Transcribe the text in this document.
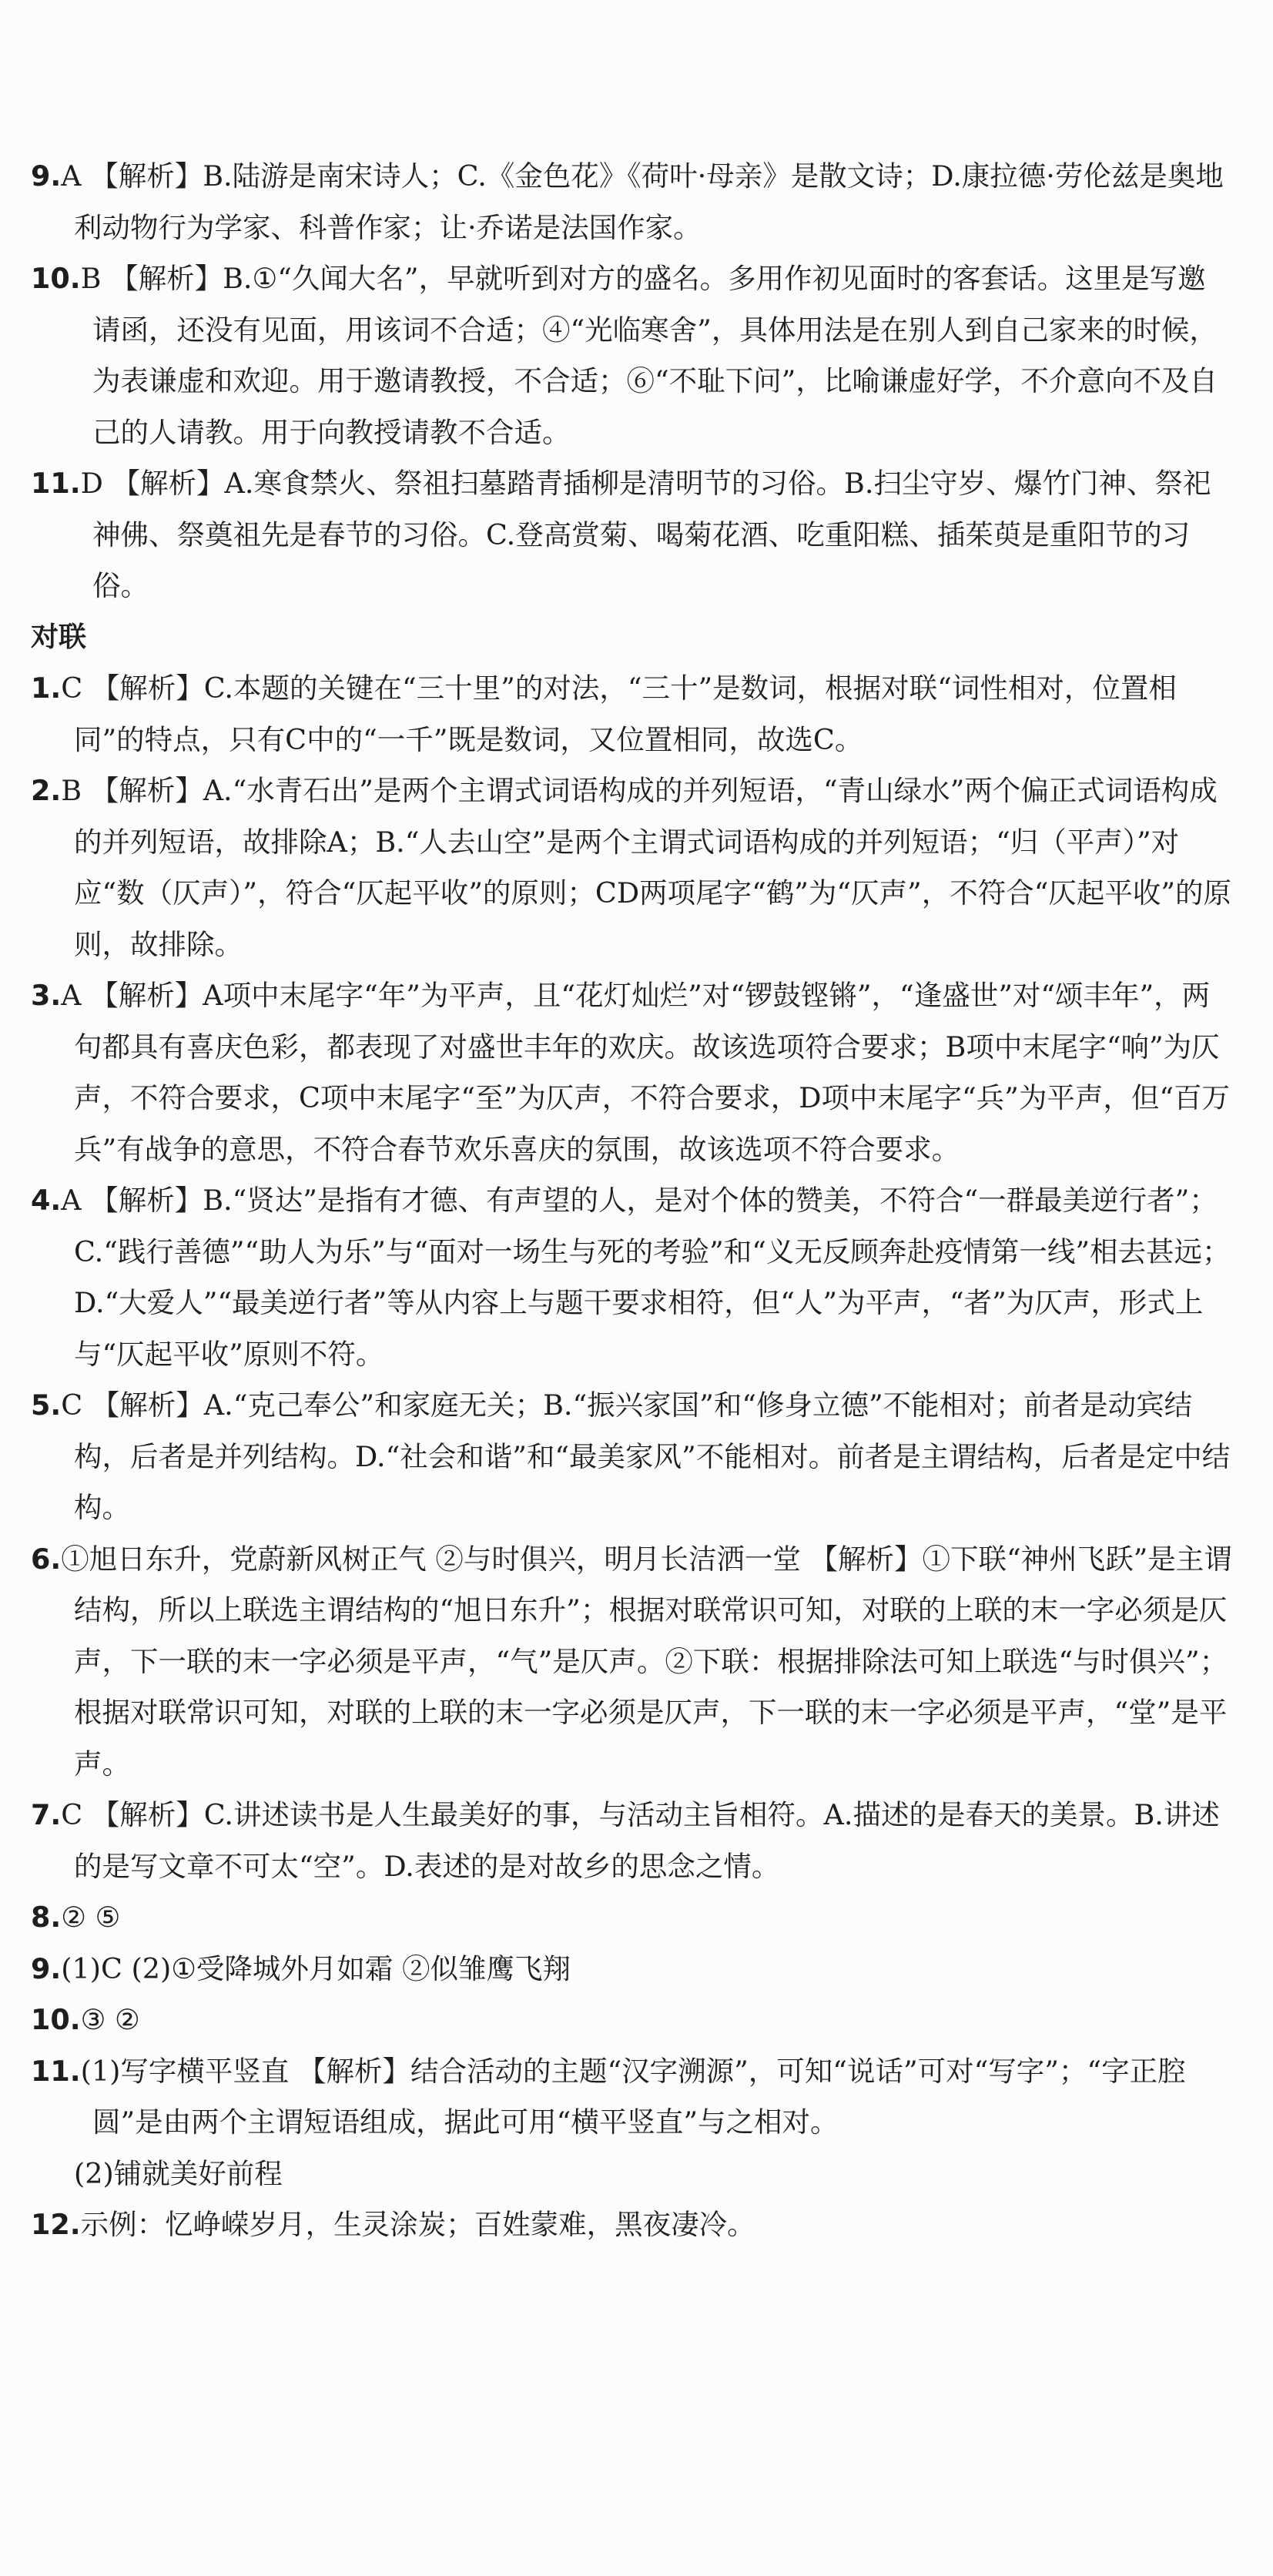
9.A 【解析】B.陆游是南宋诗人；C.《金色花》《荷叶·母亲》是散文诗；D.康拉德·劳伦兹是奥地利动物行为学家、科普作家；让·乔诺是法国作家。
10.B 【解析】B.①“久闻大名”，早就听到对方的盛名。多用作初见面时的客套话。这里是写邀请函，还没有见面，用该词不合适；④“光临寒舍”，具体用法是在别人到自己家来的时候，为表谦虚和欢迎。用于邀请教授，不合适；⑥“不耻下问”，比喻谦虚好学，不介意向不及自己的人请教。用于向教授请教不合适。
11.D 【解析】A.寒食禁火、祭祖扫墓踏青插柳是清明节的习俗。B.扫尘守岁、爆竹门神、祭祀神佛、祭奠祖先是春节的习俗。C.登高赏菊、喝菊花酒、吃重阳糕、插茱萸是重阳节的习俗。
对联
1.C 【解析】C.本题的关键在“三十里”的对法，“三十”是数词，根据对联“词性相对，位置相同”的特点，只有C中的“一千”既是数词，又位置相同，故选C。
2.B 【解析】A.“水青石出”是两个主谓式词语构成的并列短语，“青山绿水”两个偏正式词语构成的并列短语，故排除A；B.“人去山空”是两个主谓式词语构成的并列短语；“归（平声）”对应“数（仄声）”，符合“仄起平收”的原则；CD两项尾字“鹤”为“仄声”，不符合“仄起平收”的原则，故排除。
3.A 【解析】A项中末尾字“年”为平声，且“花灯灿烂”对“锣鼓铿锵”，“逢盛世”对“颂丰年”，两句都具有喜庆色彩，都表现了对盛世丰年的欢庆。故该选项符合要求；B项中末尾字“响”为仄声，不符合要求，C项中末尾字“至”为仄声，不符合要求，D项中末尾字“兵”为平声，但“百万兵”有战争的意思，不符合春节欢乐喜庆的氛围，故该选项不符合要求。
4.A 【解析】B.“贤达”是指有才德、有声望的人，是对个体的赞美，不符合“一群最美逆行者”；C.“践行善德”“助人为乐”与“面对一场生与死的考验”和“义无反顾奔赴疫情第一线”相去甚远；D.“大爱人”“最美逆行者”等从内容上与题干要求相符，但“人”为平声，“者”为仄声，形式上与“仄起平收”原则不符。
5.C 【解析】A.“克己奉公”和家庭无关；B.“振兴家国”和“修身立德”不能相对；前者是动宾结构，后者是并列结构。D.“社会和谐”和“最美家风”不能相对。前者是主谓结构，后者是定中结构。
6.①旭日东升，党蔚新风树正气 ②与时俱兴，明月长洁洒一堂 【解析】①下联“神州飞跃”是主谓结构，所以上联选主谓结构的“旭日东升”；根据对联常识可知，对联的上联的末一字必须是仄声，下一联的末一字必须是平声，“气”是仄声。②下联：根据排除法可知上联选“与时俱兴”；根据对联常识可知，对联的上联的末一字必须是仄声，下一联的末一字必须是平声，“堂”是平声。
7.C 【解析】C.讲述读书是人生最美好的事，与活动主旨相符。A.描述的是春天的美景。B.讲述的是写文章不可太“空”。D.表述的是对故乡的思念之情。
8.② ⑤
9.(1)C (2)①受降城外月如霜 ②似雏鹰飞翔
10.③ ②
11.(1)写字横平竖直 【解析】结合活动的主题“汉字溯源”，可知“说话”可对“写字”；“字正腔圆”是由两个主谓短语组成，据此可用“横平竖直”与之相对。
(2)铺就美好前程
12.示例：忆峥嵘岁月，生灵涂炭；百姓蒙难，黑夜凄冷。
